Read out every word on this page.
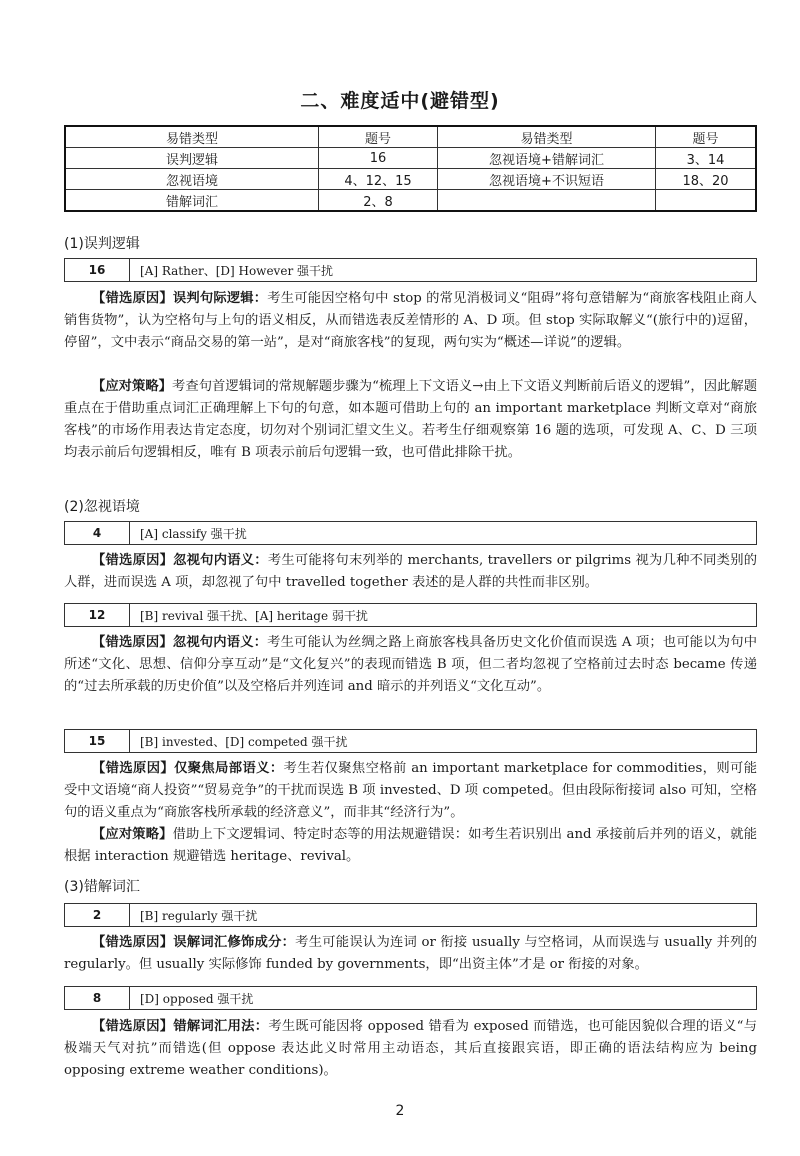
二、难度适中(避错型)
易错类型	题号	易错类型	题号
误判逻辑	16	忽视语境+错解词汇	3、14
忽视语境	4、12、15	忽视语境+不识短语	18、20
错解词汇	2、8		
(1)误判逻辑
16	[A] Rather、[D] However 强干扰
【错选原因】误判句际逻辑：考生可能因空格句中 stop 的常见消极词义“阻碍”将句意错解为“商旅客栈阻止商人销售货物”，认为空格句与上句的语义相反，从而错选表反差情形的 A、D 项。但 stop 实际取解义“(旅行中的)逗留，停留”，文中表示“商品交易的第一站”，是对“商旅客栈”的复现，两句实为“概述—详说”的逻辑。
【应对策略】考查句首逻辑词的常规解题步骤为“梳理上下文语义→由上下文语义判断前后语义的逻辑”，因此解题重点在于借助重点词汇正确理解上下句的句意，如本题可借助上句的 an important marketplace 判断文章对“商旅客栈”的市场作用表达肯定态度，切勿对个别词汇望文生义。若考生仔细观察第 16 题的选项，可发现 A、C、D 三项均表示前后句逻辑相反，唯有 B 项表示前后句逻辑一致，也可借此排除干扰。
(2)忽视语境
4	[A] classify 强干扰
【错选原因】忽视句内语义：考生可能将句末列举的 merchants, travellers or pilgrims 视为几种不同类别的人群，进而误选 A 项，却忽视了句中 travelled together 表述的是人群的共性而非区别。
12	[B] revival 强干扰、[A] heritage 弱干扰
【错选原因】忽视句内语义：考生可能认为丝绸之路上商旅客栈具备历史文化价值而误选 A 项；也可能以为句中所述“文化、思想、信仰分享互动”是“文化复兴”的表现而错选 B 项，但二者均忽视了空格前过去时态 became 传递的“过去所承载的历史价值”以及空格后并列连词 and 暗示的并列语义“文化互动”。
15	[B] invested、[D] competed 强干扰
【错选原因】仅聚焦局部语义：考生若仅聚焦空格前 an important marketplace for commodities，则可能受中文语境“商人投资”“贸易竞争”的干扰而误选 B 项 invested、D 项 competed。但由段际衔接词 also 可知，空格句的语义重点为“商旅客栈所承载的经济意义”，而非其“经济行为”。
【应对策略】借助上下文逻辑词、特定时态等的用法规避错误：如考生若识别出 and 承接前后并列的语义，就能根据 interaction 规避错选 heritage、revival。
(3)错解词汇
2	[B] regularly 强干扰
【错选原因】误解词汇修饰成分：考生可能误认为连词 or 衔接 usually 与空格词，从而误选与 usually 并列的 regularly。但 usually 实际修饰 funded by governments，即“出资主体”才是 or 衔接的对象。
8	[D] opposed 强干扰
【错选原因】错解词汇用法：考生既可能因将 opposed 错看为 exposed 而错选，也可能因貌似合理的语义“与极端天气对抗”而错选(但 oppose 表达此义时常用主动语态，其后直接跟宾语，即正确的语法结构应为 being opposing extreme weather conditions)。
2
